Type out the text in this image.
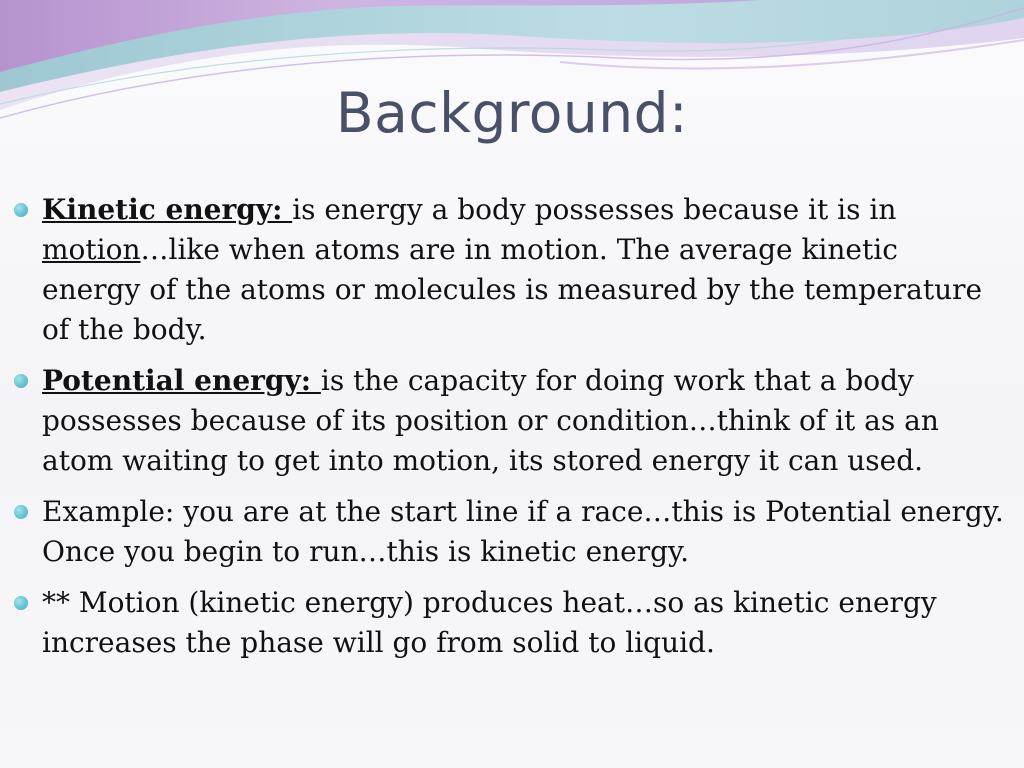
Background:
Kinetic energy: is energy a body possesses because it is in motion…like when atoms are in motion. The average kinetic energy of the atoms or molecules is measured by the temperature of the body.
Potential energy: is the capacity for doing work that a body possesses because of its position or condition…think of it as an atom waiting to get into motion, its stored energy it can used.
Example: you are at the start line if a race…this is Potential energy. Once you begin to run…this is kinetic energy.
** Motion (kinetic energy) produces heat…so as kinetic energy increases the phase will go from solid to liquid.
